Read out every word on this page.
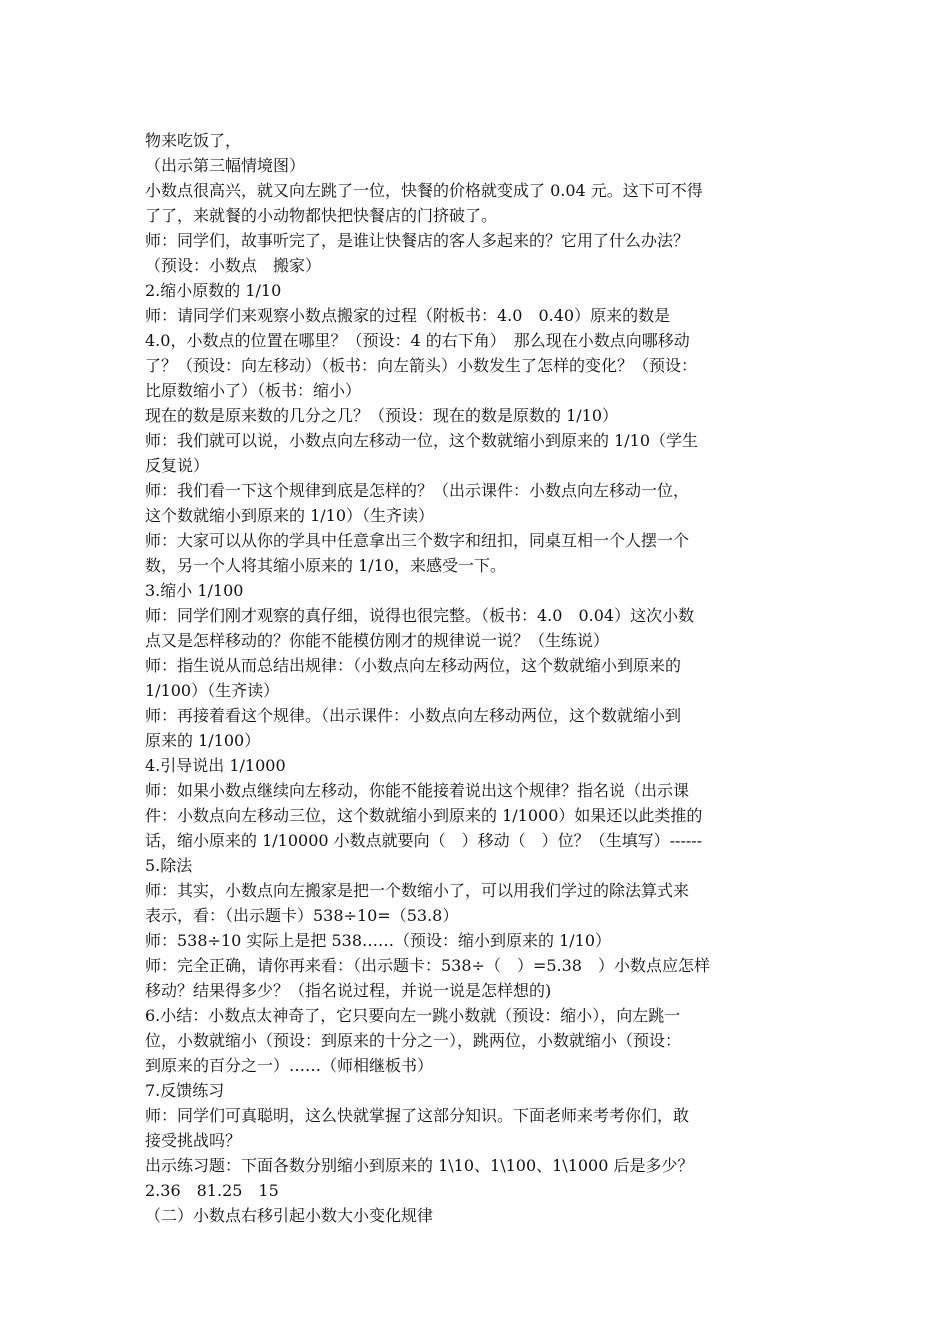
物来吃饭了，
（出示第三幅情境图）
小数点很高兴，就又向左跳了一位，快餐的价格就变成了 0.04 元。这下可不得
了了，来就餐的小动物都快把快餐店的门挤破了。
师：同学们，故事听完了，是谁让快餐店的客人多起来的？它用了什么办法？
（预设：小数点　搬家）
2.缩小原数的 1/10
师：请同学们来观察小数点搬家的过程（附板书：4.0　0.40）原来的数是
4.0，小数点的位置在哪里？（预设：4 的右下角）　那么现在小数点向哪移动
了？（预设：向左移动）（板书：向左箭头）小数发生了怎样的变化？（预设：
比原数缩小了）（板书：缩小）
现在的数是原来数的几分之几？（预设：现在的数是原数的 1/10）
师：我们就可以说，小数点向左移动一位，这个数就缩小到原来的 1/10（学生
反复说）
师：我们看一下这个规律到底是怎样的？（出示课件：小数点向左移动一位，
这个数就缩小到原来的 1/10）（生齐读）
师：大家可以从你的学具中任意拿出三个数字和纽扣，同桌互相一个人摆一个
数，另一个人将其缩小原来的 1/10，来感受一下。
3.缩小 1/100
师：同学们刚才观察的真仔细，说得也很完整。（板书：4.0　0.04）这次小数
点又是怎样移动的？你能不能模仿刚才的规律说一说？（生练说）
师：指生说从而总结出规律：（小数点向左移动两位，这个数就缩小到原来的
1/100）（生齐读）
师：再接着看这个规律。（出示课件：小数点向左移动两位，这个数就缩小到
原来的 1/100）
4.引导说出 1/1000
师：如果小数点继续向左移动，你能不能接着说出这个规律？指名说（出示课
件：小数点向左移动三位，这个数就缩小到原来的 1/1000）如果还以此类推的
话，缩小原来的 1/10000 小数点就要向（　）移动（　）位？（生填写）------
5.除法
师：其实，小数点向左搬家是把一个数缩小了，可以用我们学过的除法算式来
表示，看：（出示题卡）538÷10=（53.8）
师：538÷10 实际上是把 538……（预设：缩小到原来的 1/10）
师：完全正确，请你再来看：（出示题卡：538÷（　）=5.38　）小数点应怎样
移动？结果得多少？（指名说过程，并说一说是怎样想的)
6.小结：小数点太神奇了，它只要向左一跳小数就（预设：缩小），向左跳一
位，小数就缩小（预设：到原来的十分之一），跳两位，小数就缩小（预设：
到原来的百分之一）……（师相继板书）
7.反馈练习
师：同学们可真聪明，这么快就掌握了这部分知识。下面老师来考考你们，敢
接受挑战吗？
出示练习题：下面各数分别缩小到原来的 1\10、1\100、1\1000 后是多少？
2.36　81.25　15
（二）小数点右移引起小数大小变化规律
